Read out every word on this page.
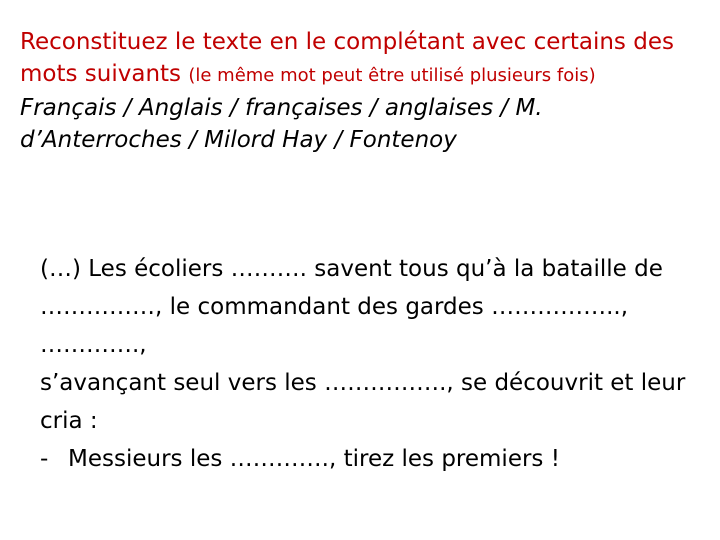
Reconstituez le texte en le complétant avec certains des
mots suivants (le même mot peut être utilisé plusieurs fois)
Français / Anglais / françaises / anglaises / M.
d’Anterroches / Milord Hay / Fontenoy
(…) Les écoliers ………. savent tous qu’à la bataille de
……………, le commandant des gardes …………….., ………….,
s’avançant seul vers les ……………., se découvrit et leur
cria :
- Messieurs les …………., tirez les premiers !
